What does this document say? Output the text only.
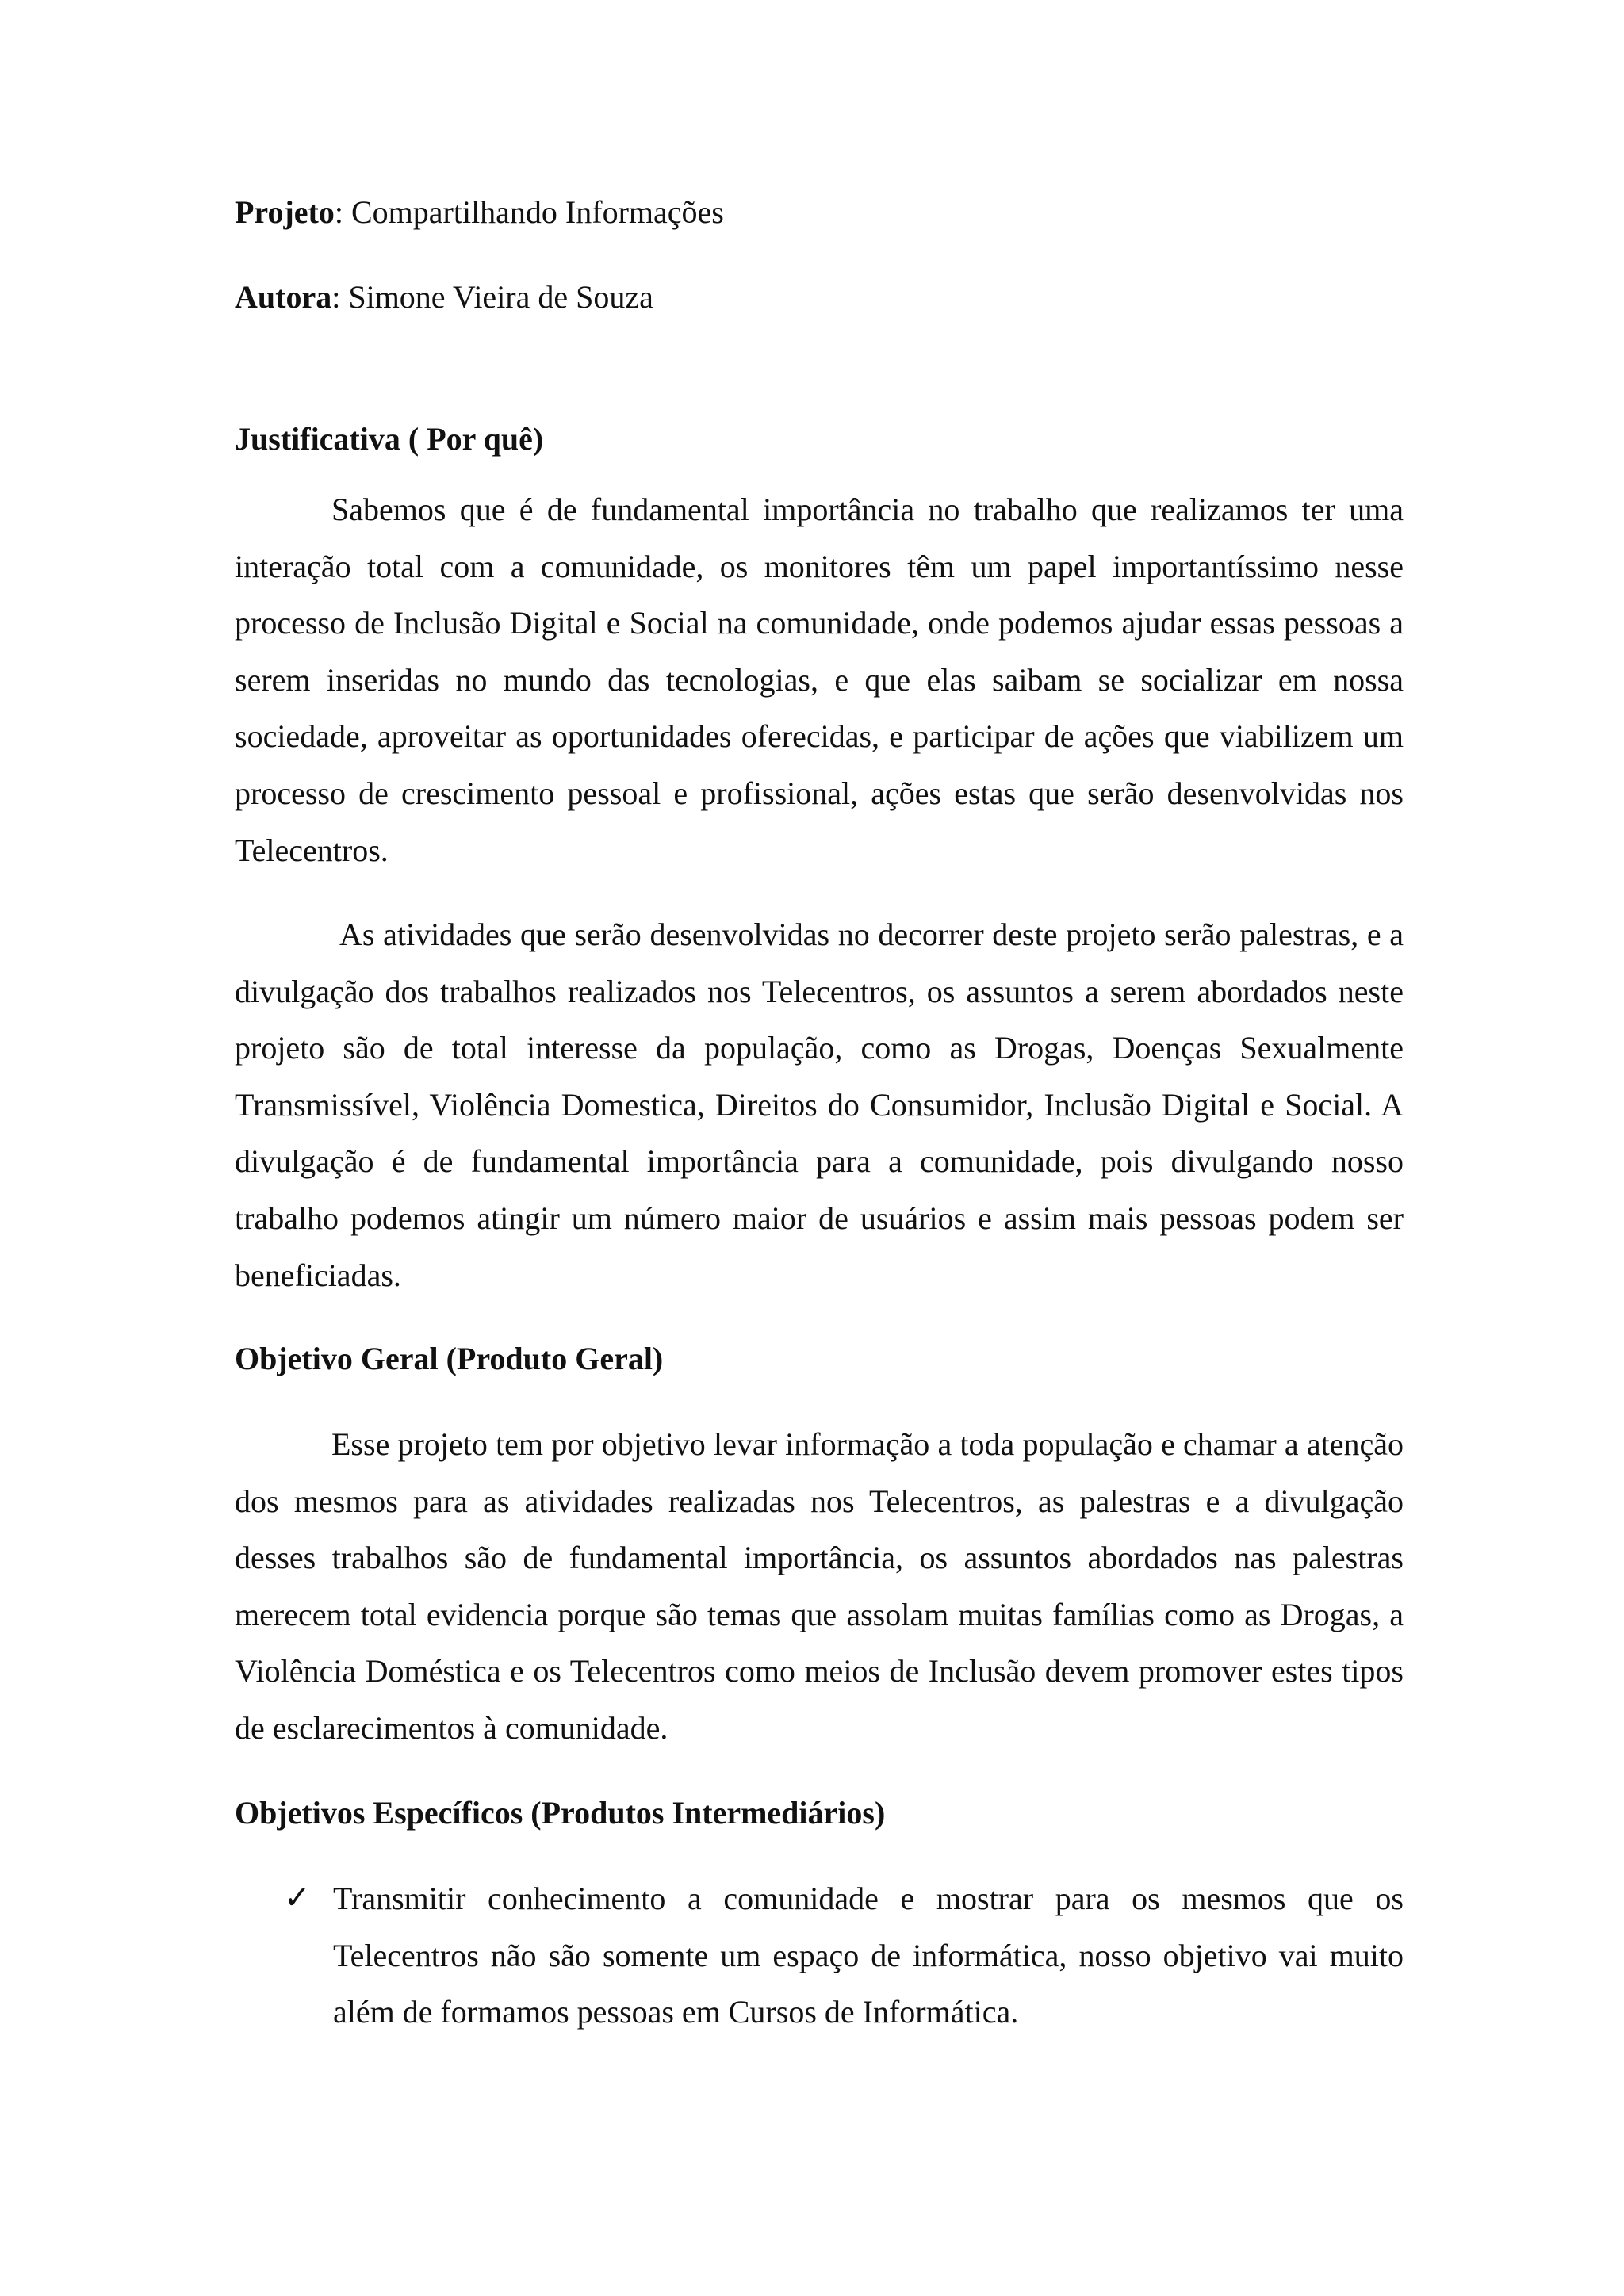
Projeto: Compartilhando Informações
Autora: Simone Vieira de Souza
Justificativa ( Por quê)

Sabemos que é de fundamental importância no trabalho que realizamos ter uma interação total com a comunidade, os monitores têm um papel importantíssimo nesse processo de Inclusão Digital e Social na comunidade, onde podemos ajudar essas pessoas a serem inseridas no mundo das tecnologias, e que elas saibam se socializar em nossa sociedade, aproveitar as oportunidades oferecidas, e participar de ações que viabilizem um processo de crescimento pessoal e profissional, ações estas que serão desenvolvidas nos Telecentros.

As atividades que serão desenvolvidas no decorrer deste projeto serão palestras, e a divulgação dos trabalhos realizados nos Telecentros, os assuntos a serem abordados neste projeto são de total interesse da população, como as Drogas, Doenças Sexualmente Transmissível, Violência Domestica, Direitos do Consumidor, Inclusão Digital e Social. A divulgação é de fundamental importância para a comunidade, pois divulgando nosso trabalho podemos atingir um número maior de usuários e assim mais pessoas podem ser beneficiadas.

Objetivo Geral (Produto Geral)

Esse projeto tem por objetivo levar informação a toda população e chamar a atenção dos mesmos para as atividades realizadas nos Telecentros, as palestras e a divulgação desses trabalhos são de fundamental importância, os assuntos abordados nas palestras merecem total evidencia porque são temas que assolam muitas famílias como as Drogas, a Violência Doméstica e os Telecentros como meios de Inclusão devem promover estes tipos de esclarecimentos à comunidade.

Objetivos Específicos (Produtos Intermediários)
✓ Transmitir conhecimento a comunidade e mostrar para os mesmos que os Telecentros não são somente um espaço de informática, nosso objetivo vai muito além de formamos pessoas em Cursos de Informática.
